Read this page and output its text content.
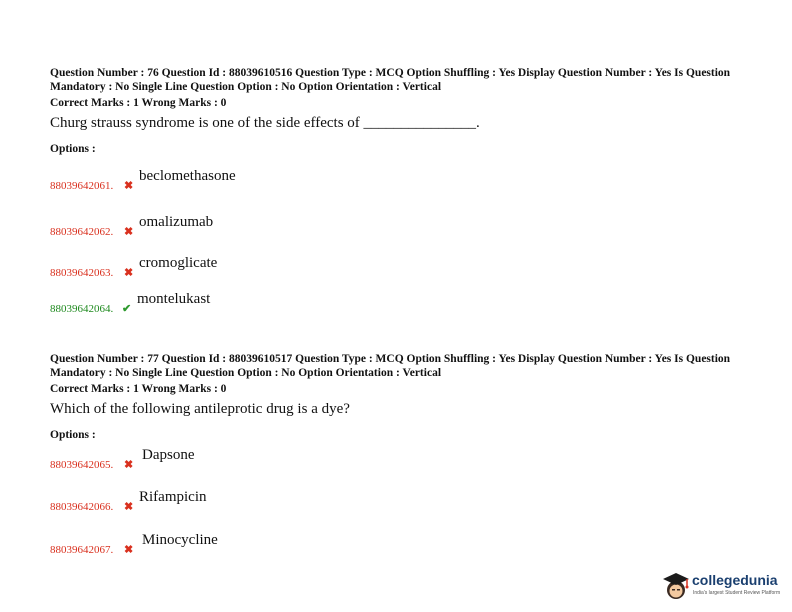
Question Number : 76 Question Id : 88039610516 Question Type : MCQ Option Shuffling : Yes Display Question Number : Yes Is Question Mandatory : No Single Line Question Option : No Option Orientation : Vertical

Correct Marks : 1 Wrong Marks : 0
Churg strauss syndrome is one of the side effects of _______________.
Options :
88039642061. ✖
beclomethasone
88039642062. ✖
omalizumab
88039642063. ✖
cromoglicate
88039642064. ✔
montelukast

Question Number : 77 Question Id : 88039610517 Question Type : MCQ Option Shuffling : Yes Display Question Number : Yes Is Question Mandatory : No Single Line Question Option : No Option Orientation : Vertical

Correct Marks : 1 Wrong Marks : 0
Which of the following antileprotic drug is a dye?
Options :
88039642065. ✖
Dapsone
88039642066. ✖
Rifampicin
88039642067. ✖
Minocycline
collegedunia
India's largest Student Review Platform
